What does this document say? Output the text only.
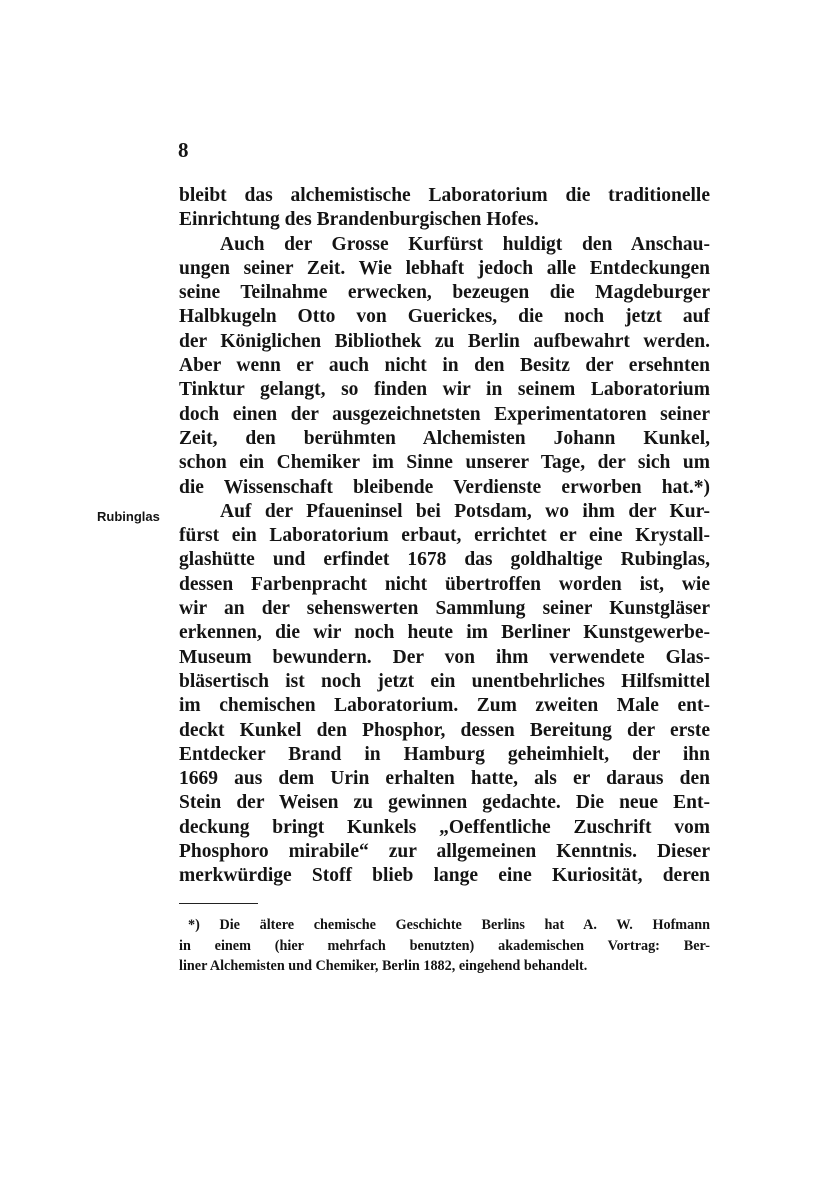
8
Rubinglas
bleibt das alchemistische Laboratorium die traditionelle
Einrichtung des Brandenburgischen Hofes.
Auch der Grosse Kurfürst huldigt den Anschau-
ungen seiner Zeit. Wie lebhaft jedoch alle Entdeckungen
seine Teilnahme erwecken, bezeugen die Magdeburger
Halbkugeln Otto von Guerickes, die noch jetzt auf
der Königlichen Bibliothek zu Berlin aufbewahrt werden.
Aber wenn er auch nicht in den Besitz der ersehnten
Tinktur gelangt, so finden wir in seinem Laboratorium
doch einen der ausgezeichnetsten Experimentatoren seiner
Zeit, den berühmten Alchemisten Johann Kunkel,
schon ein Chemiker im Sinne unserer Tage, der sich um
die Wissenschaft bleibende Verdienste erworben hat.*)
Auf der Pfaueninsel bei Potsdam, wo ihm der Kur-
fürst ein Laboratorium erbaut, errichtet er eine Krystall-
glashütte und erfindet 1678 das goldhaltige Rubinglas,
dessen Farbenpracht nicht übertroffen worden ist, wie
wir an der sehenswerten Sammlung seiner Kunstgläser
erkennen, die wir noch heute im Berliner Kunstgewerbe-
Museum bewundern. Der von ihm verwendete Glas-
bläsertisch ist noch jetzt ein unentbehrliches Hilfsmittel
im chemischen Laboratorium. Zum zweiten Male ent-
deckt Kunkel den Phosphor, dessen Bereitung der erste
Entdecker Brand in Hamburg geheimhielt, der ihn
1669 aus dem Urin erhalten hatte, als er daraus den
Stein der Weisen zu gewinnen gedachte. Die neue Ent-
deckung bringt Kunkels „Oeffentliche Zuschrift vom
Phosphoro mirabile“ zur allgemeinen Kenntnis. Dieser
merkwürdige Stoff blieb lange eine Kuriosität, deren
*) Die ältere chemische Geschichte Berlins hat A. W. Hofmann
in einem (hier mehrfach benutzten) akademischen Vortrag: Ber-
liner Alchemisten und Chemiker, Berlin 1882, eingehend behandelt.
